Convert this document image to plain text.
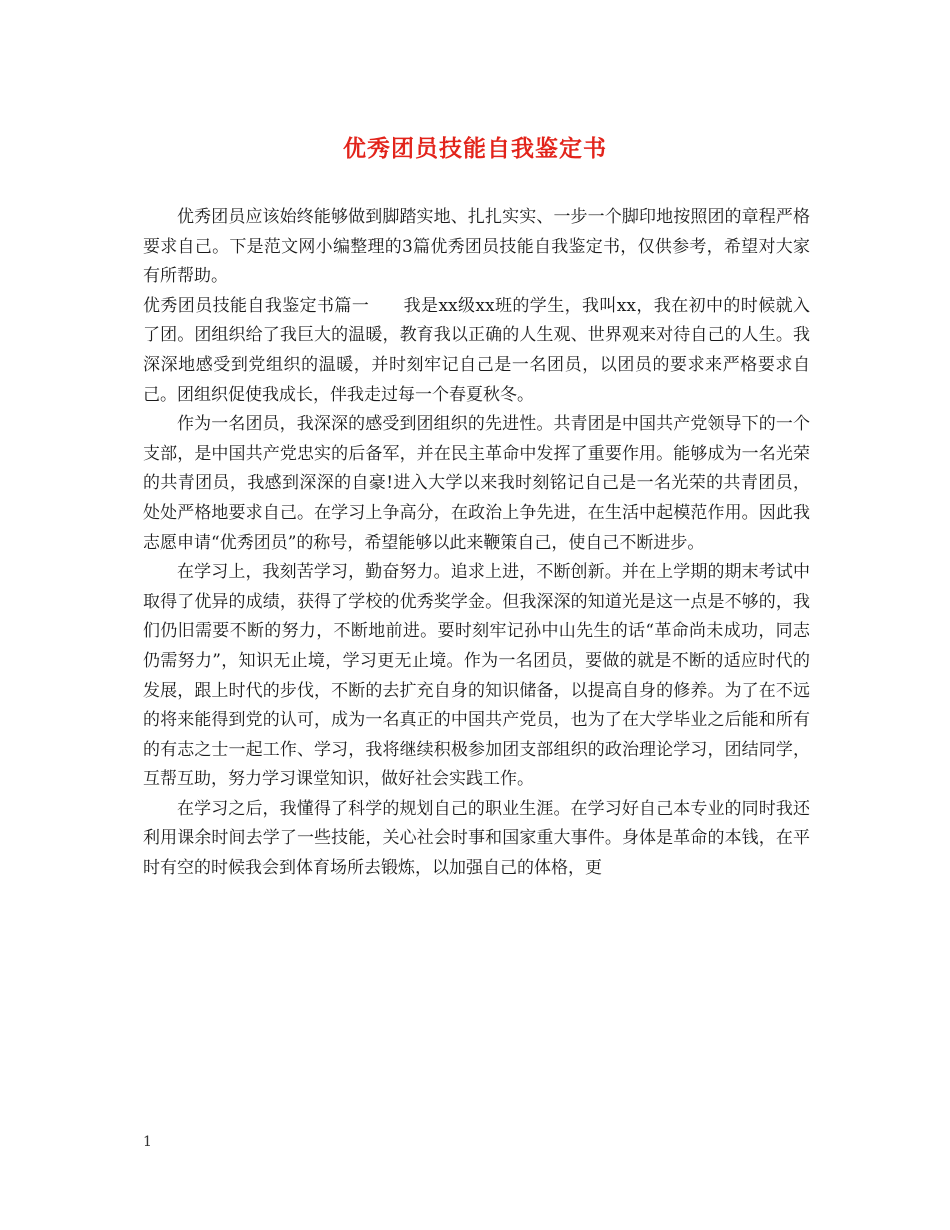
优秀团员技能自我鉴定书

优秀团员应该始终能够做到脚踏实地、扎扎实实、一步一个脚印地按照团的章程严格要求自己。下是范文网小编整理的3篇优秀团员技能自我鉴定书，仅供参考，希望对大家有所帮助。

优秀团员技能自我鉴定书篇一 我是xx级xx班的学生，我叫xx，我在初中的时候就入了团。团组织给了我巨大的温暖，教育我以正确的人生观、世界观来对待自己的人生。我深深地感受到党组织的温暖，并时刻牢记自己是一名团员，以团员的要求来严格要求自己。团组织促使我成长，伴我走过每一个春夏秋冬。

作为一名团员，我深深的感受到团组织的先进性。共青团是中国共产党领导下的一个支部，是中国共产党忠实的后备军，并在民主革命中发挥了重要作用。能够成为一名光荣的共青团员，我感到深深的自豪!进入大学以来我时刻铭记自己是一名光荣的共青团员，处处严格地要求自己。在学习上争高分，在政治上争先进，在生活中起模范作用。因此我志愿申请“优秀团员”的称号，希望能够以此来鞭策自己，使自己不断进步。

在学习上，我刻苦学习，勤奋努力。追求上进，不断创新。并在上学期的期末考试中取得了优异的成绩，获得了学校的优秀奖学金。但我深深的知道光是这一点是不够的，我们仍旧需要不断的努力，不断地前进。要时刻牢记孙中山先生的话“革命尚未成功，同志仍需努力”，知识无止境，学习更无止境。作为一名团员，要做的就是不断的适应时代的发展，跟上时代的步伐，不断的去扩充自身的知识储备，以提高自身的修养。为了在不远的将来能得到党的认可，成为一名真正的中国共产党员，也为了在大学毕业之后能和所有的有志之士一起工作、学习，我将继续积极参加团支部组织的政治理论学习，团结同学，互帮互助，努力学习课堂知识，做好社会实践工作。

在学习之后，我懂得了科学的规划自己的职业生涯。在学习好自己本专业的同时我还利用课余时间去学了一些技能，关心社会时事和国家重大事件。身体是革命的本钱，在平时有空的时候我会到体育场所去锻炼，以加强自己的体格，更

1
